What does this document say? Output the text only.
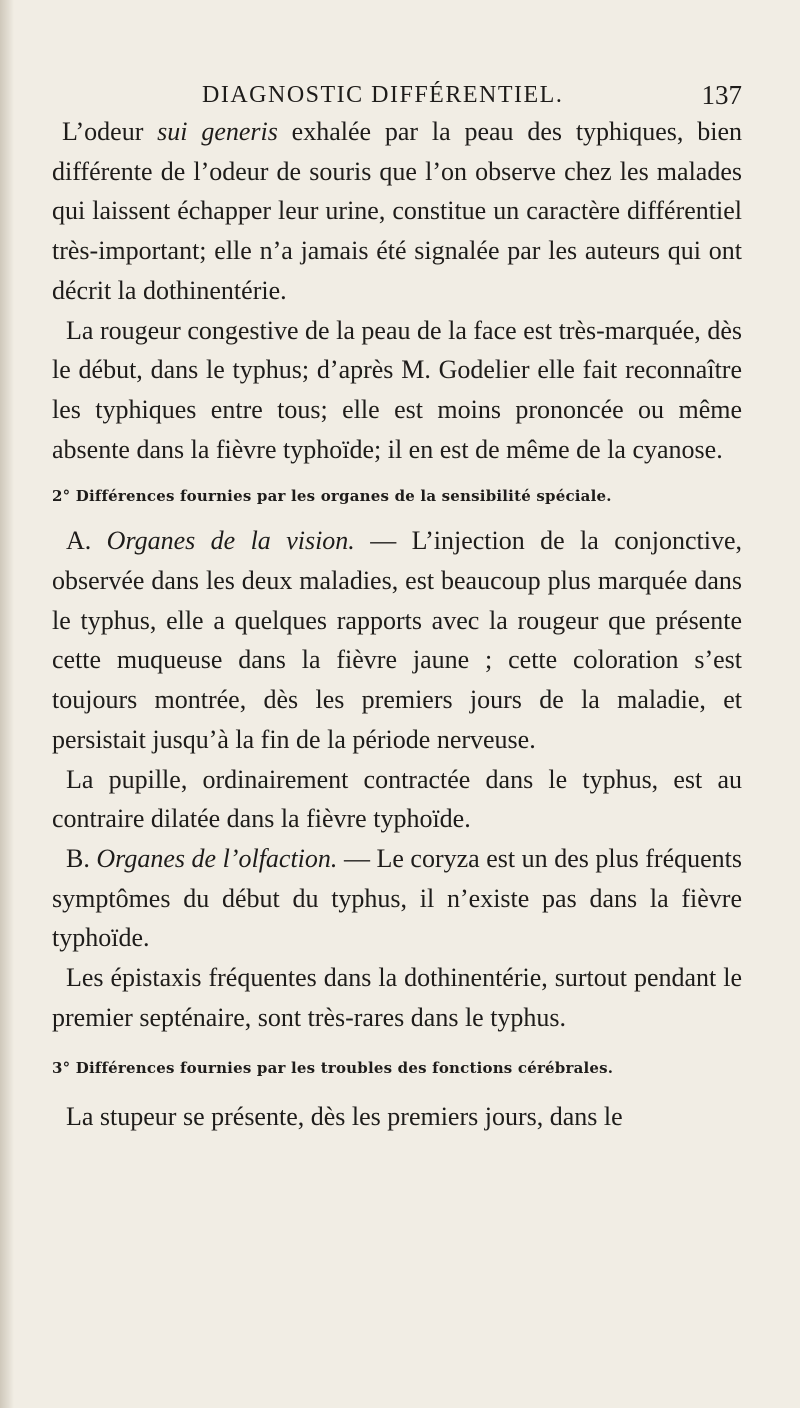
DIAGNOSTIC DIFFÉRENTIEL.	137

L’odeur sui generis exhalée par la peau des typhiques, bien différente de l’odeur de souris que l’on observe chez les malades qui laissent échapper leur urine, constitue un caractère différentiel très-important; elle n’a jamais été signalée par les auteurs qui ont décrit la dothinentérie.

La rougeur congestive de la peau de la face est très-marquée, dès le début, dans le typhus; d’après M. Godelier elle fait reconnaître les typhiques entre tous; elle est moins prononcée ou même absente dans la fièvre typhoïde; il en est de même de la cyanose.

2° Différences fournies par les organes de la sensibilité spéciale.

A. Organes de la vision. — L’injection de la conjonctive, observée dans les deux maladies, est beaucoup plus marquée dans le typhus, elle a quelques rapports avec la rougeur que présente cette muqueuse dans la fièvre jaune ; cette coloration s’est toujours montrée, dès les premiers jours de la maladie, et persistait jusqu’à la fin de la période nerveuse.

La pupille, ordinairement contractée dans le typhus, est au contraire dilatée dans la fièvre typhoïde.

B. Organes de l’olfaction. — Le coryza est un des plus fréquents symptômes du début du typhus, il n’existe pas dans la fièvre typhoïde.

Les épistaxis fréquentes dans la dothinentérie, surtout pendant le premier septénaire, sont très-rares dans le typhus.

3° Différences fournies par les troubles des fonctions cérébrales.

La stupeur se présente, dès les premiers jours, dans le
